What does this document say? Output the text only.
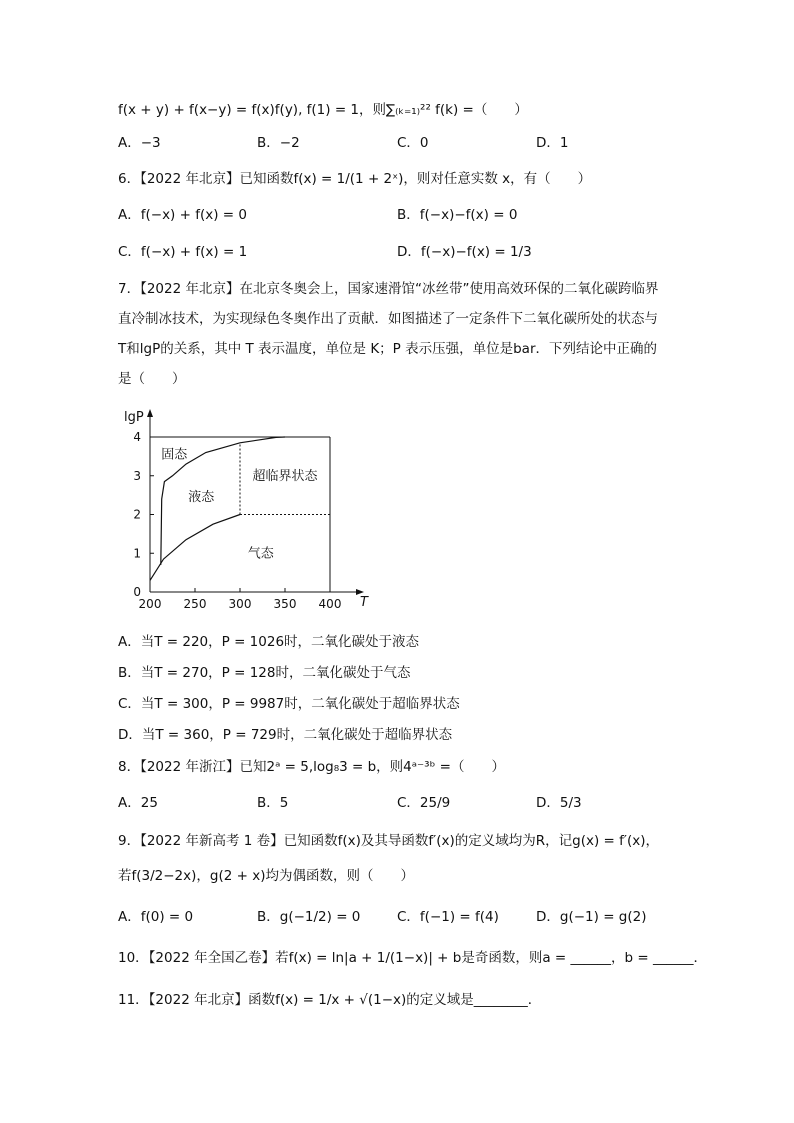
f(x + y) + f(x−y) = f(x)f(y), f(1) = 1，则∑₍ₖ₌₁₎²² f(k) =（　　）
A．−3	B．−2	C．0	D．1
6．【2022 年北京】已知函数f(x) = 1/(1 + 2ˣ)，则对任意实数 x，有（　　）
A．f(−x) + f(x) = 0	B．f(−x)−f(x) = 0
C．f(−x) + f(x) = 1	D．f(−x)−f(x) = 1/3
7．【2022 年北京】在北京冬奥会上，国家速滑馆“冰丝带”使用高效环保的二氧化碳跨临界
直冷制冰技术，为实现绿色冬奥作出了贡献．如图描述了一定条件下二氧化碳所处的状态与
T和lgP的关系，其中 T 表示温度，单位是 K；P 表示压强，单位是bar．下列结论中正确的
是（　　）
200 250 300 350 400
0
1
2
3
4
T
lgP
固态
液态
超临界状态
气态
A．当T = 220，P = 1026时，二氧化碳处于液态
B．当T = 270，P = 128时，二氧化碳处于气态
C．当T = 300，P = 9987时，二氧化碳处于超临界状态
D．当T = 360，P = 729时，二氧化碳处于超临界状态
8．【2022 年浙江】已知2ᵃ = 5,log₈3 = b，则4ᵃ⁻³ᵇ =（　　）
A．25	B．5	C．25/9	D．5/3
9．【2022 年新高考 1 卷】已知函数f(x)及其导函数f′(x)的定义域均为R，记g(x) = f′(x)，
若f(3/2−2x)，g(2 + x)均为偶函数，则（　　）
A．f(0) = 0	B．g(−1/2) = 0	C．f(−1) = f(4)	D．g(−1) = g(2)
10．【2022 年全国乙卷】若f(x) = ln|a + 1/(1−x)| + b是奇函数，则a = ______，b = ______．
11．【2022 年北京】函数f(x) = 1/x + √(1−x)的定义域是________．
